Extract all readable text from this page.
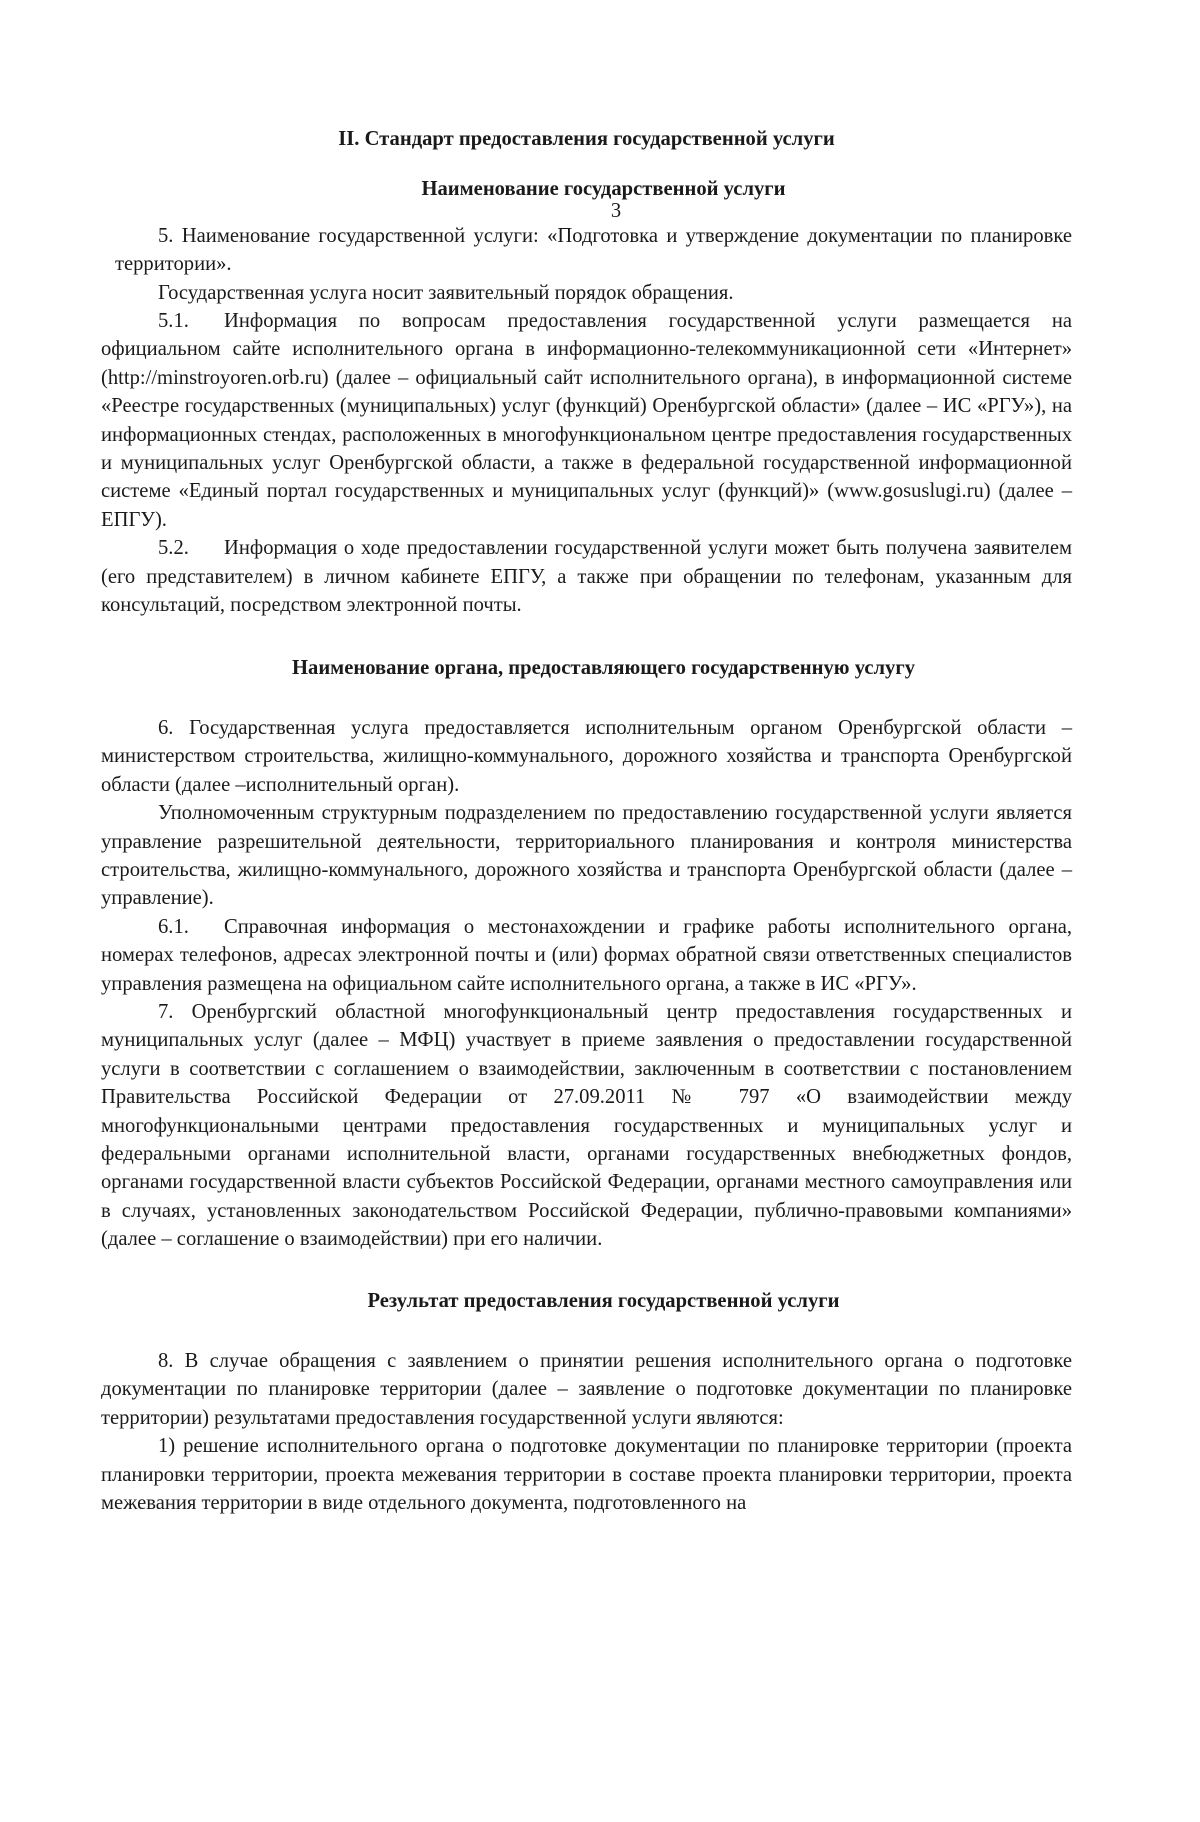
3
II. Стандарт предоставления государственной услуги
Наименование государственной услуги

5. Наименование государственной услуги: «Подготовка и утверждение документации по планировке территории».

Государственная услуга носит заявительный порядок обращения.

5.1. Информация по вопросам предоставления государственной услуги размещается на официальном сайте исполнительного органа в информационно-телекоммуникационной сети «Интернет» (http://minstroyoren.orb.ru) (далее – официальный сайт исполнительного органа), в информационной системе «Реестре государственных (муниципальных) услуг (функций) Оренбургской области» (далее – ИС «РГУ»), на информационных стендах, расположенных в многофункциональном центре предоставления государственных и муниципальных услуг Оренбургской области, а также в федеральной государственной информационной системе «Единый портал государственных и муниципальных услуг (функций)» (www.gosuslugi.ru) (далее – ЕПГУ).

5.2. Информация о ходе предоставлении государственной услуги может быть получена заявителем (его представителем) в личном кабинете ЕПГУ, а также при обращении по телефонам, указанным для консультаций, посредством электронной почты.

Наименование органа, предоставляющего государственную услугу

6. Государственная услуга предоставляется исполнительным органом Оренбургской области – министерством строительства, жилищно-коммунального, дорожного хозяйства и транспорта Оренбургской области (далее –исполнительный орган).

Уполномоченным структурным подразделением по предоставлению государственной услуги является управление разрешительной деятельности, территориального планирования и контроля министерства строительства, жилищно-коммунального, дорожного хозяйства и транспорта Оренбургской области (далее – управление).

6.1. Справочная информация о местонахождении и графике работы исполнительного органа, номерах телефонов, адресах электронной почты и (или) формах обратной связи ответственных специалистов управления размещена на официальном сайте исполнительного органа, а также в ИС «РГУ».

7. Оренбургский областной многофункциональный центр предоставления государственных и муниципальных услуг (далее – МФЦ) участвует в приеме заявления о предоставлении государственной услуги в соответствии с соглашением о взаимодействии, заключенным в соответствии с постановлением Правительства Российской Федерации от 27.09.2011 № 797 «О взаимодействии между многофункциональными центрами предоставления государственных и муниципальных услуг и федеральными органами исполнительной власти, органами государственных внебюджетных фондов, органами государственной власти субъектов Российской Федерации, органами местного самоуправления или в случаях, установленных законодательством Российской Федерации, публично-правовыми компаниями» (далее – соглашение о взаимодействии) при его наличии.

Результат предоставления государственной услуги

8. В случае обращения с заявлением о принятии решения исполнительного органа о подготовке документации по планировке территории (далее – заявление о подготовке документации по планировке территории) результатами предоставления государственной услуги являются:

1) решение исполнительного органа о подготовке документации по планировке территории (проекта планировки территории, проекта межевания территории в составе проекта планировки территории, проекта межевания территории в виде отдельного документа, подготовленного на
